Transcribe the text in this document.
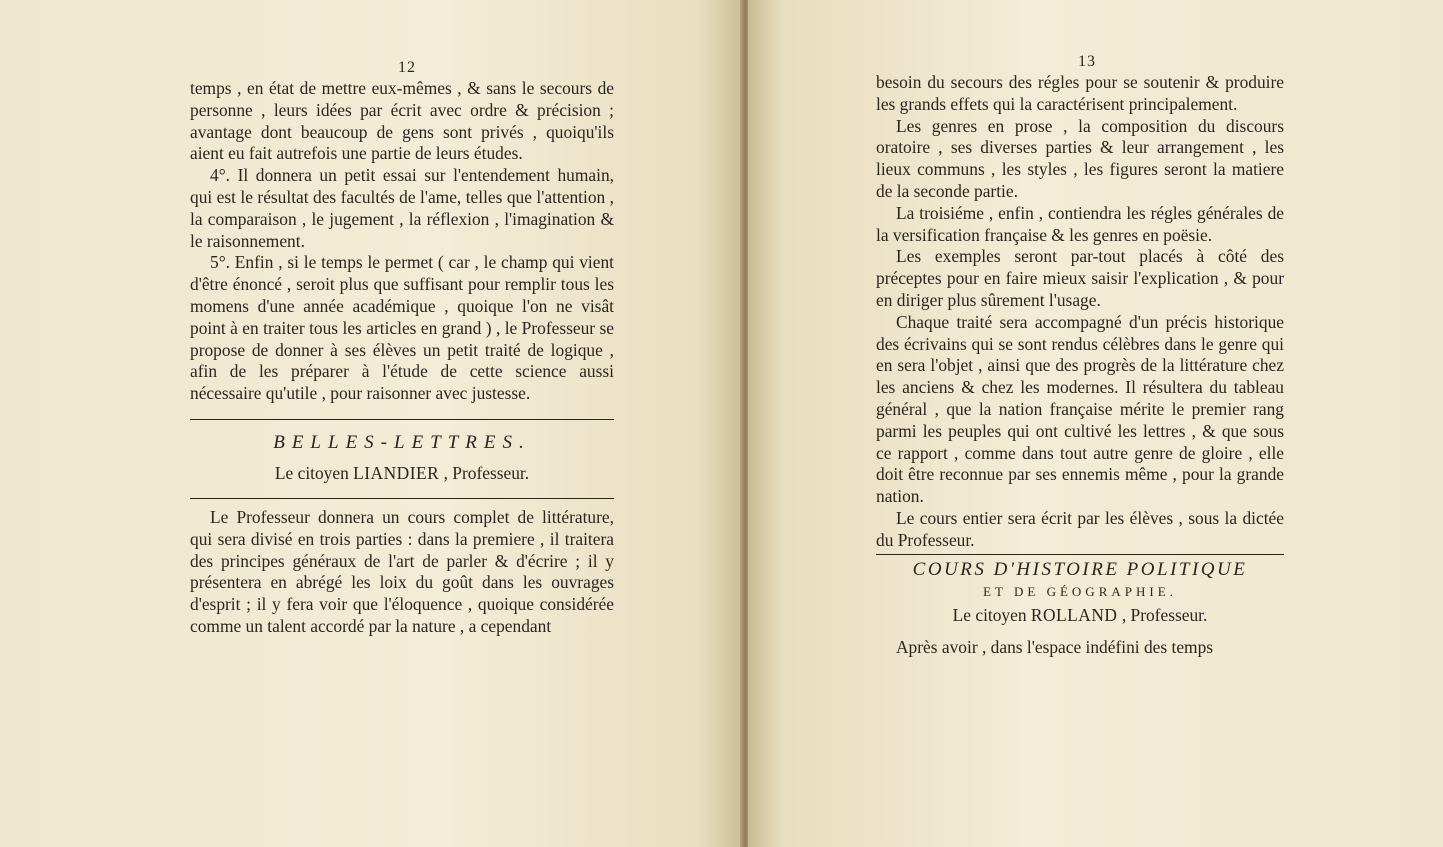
12

temps , en état de mettre eux-mêmes , & sans le secours de personne , leurs idées par écrit avec ordre & précision ; avantage dont beaucoup de gens sont privés , quoiqu'ils aient eu fait autrefois une partie de leurs études.

4°. Il donnera un petit essai sur l'entendement humain, qui est le résultat des facultés de l'ame, telles que l'attention , la comparaison , le jugement , la réflexion , l'imagination & le raisonnement.

5°. Enfin , si le temps le permet ( car , le champ qui vient d'être énoncé , seroit plus que suffisant pour remplir tous les momens d'une année académique , quoique l'on ne visât point à en traiter tous les articles en grand ) , le Professeur se propose de donner à ses élèves un petit traité de logique , afin de les préparer à l'étude de cette science aussi nécessaire qu'utile , pour raisonner avec justesse.

BELLES-LETTRES.
Le citoyen LIANDIER , Professeur.

Le Professeur donnera un cours complet de littérature, qui sera divisé en trois parties : dans la premiere , il traitera des principes généraux de l'art de parler & d'écrire ; il y présentera en abrégé les loix du goût dans les ouvrages d'esprit ; il y fera voir que l'éloquence , quoique considérée comme un talent accordé par la nature , a cependant

13

besoin du secours des régles pour se soutenir & produire les grands effets qui la caractérisent principalement.

Les genres en prose , la composition du discours oratoire , ses diverses parties & leur arrangement , les lieux communs , les styles , les figures seront la matiere de la seconde partie.

La troisiéme , enfin , contiendra les régles générales de la versification française & les genres en poësie.

Les exemples seront par-tout placés à côté des préceptes pour en faire mieux saisir l'explication , & pour en diriger plus sûrement l'usage.

Chaque traité sera accompagné d'un précis historique des écrivains qui se sont rendus célèbres dans le genre qui en sera l'objet , ainsi que des progrès de la littérature chez les anciens & chez les modernes. Il résultera du tableau général , que la nation française mérite le premier rang parmi les peuples qui ont cultivé les lettres , & que sous ce rapport , comme dans tout autre genre de gloire , elle doit être reconnue par ses ennemis même , pour la grande nation.

Le cours entier sera écrit par les élèves , sous la dictée du Professeur.

COURS D'HISTOIRE POLITIQUE
ET DE GÉOGRAPHIE.
Le citoyen ROLLAND , Professeur.

Après avoir , dans l'espace indéfini des temps
